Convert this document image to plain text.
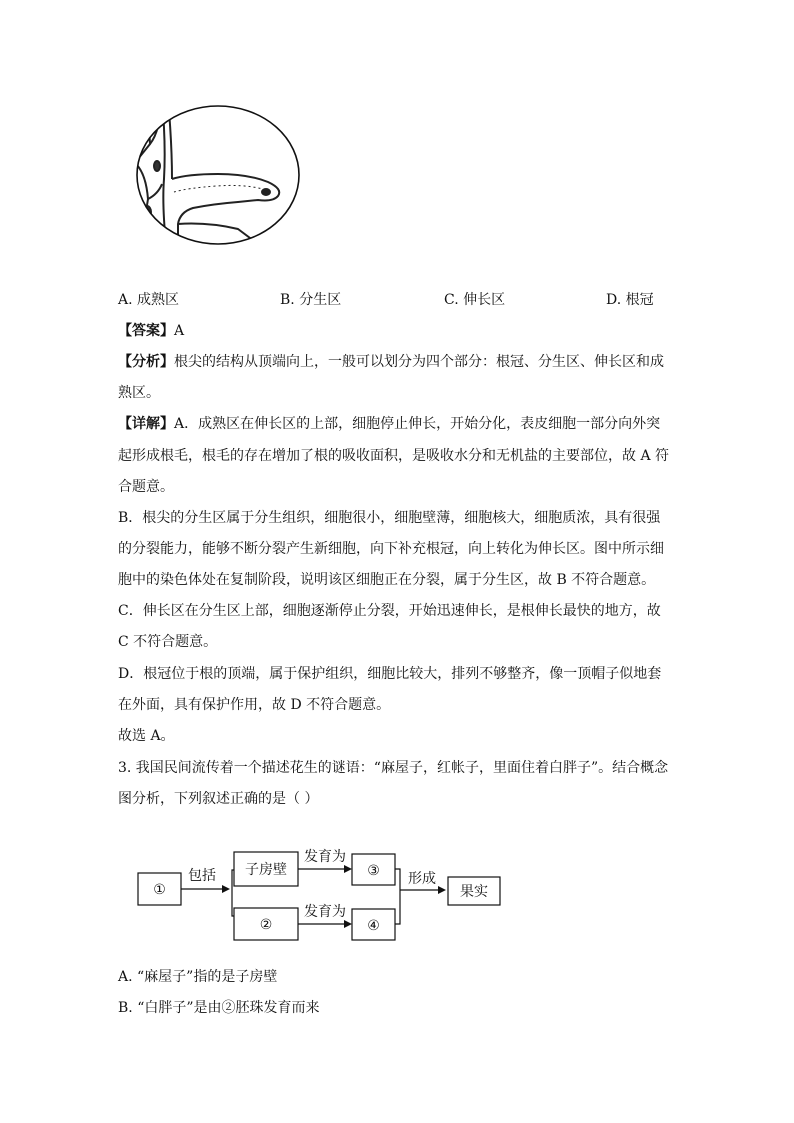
A. 成熟区	B. 分生区	C. 伸长区	D. 根冠
【答案】A
【分析】根尖的结构从顶端向上，一般可以划分为四个部分：根冠、分生区、伸长区和成
熟区。
【详解】A．成熟区在伸长区的上部，细胞停止伸长，开始分化，表皮细胞一部分向外突
起形成根毛，根毛的存在增加了根的吸收面积，是吸收水分和无机盐的主要部位，故 A 符
合题意。
B．根尖的分生区属于分生组织，细胞很小，细胞壁薄，细胞核大，细胞质浓，具有很强
的分裂能力，能够不断分裂产生新细胞，向下补充根冠，向上转化为伸长区。图中所示细
胞中的染色体处在复制阶段，说明该区细胞正在分裂，属于分生区，故 B 不符合题意。
C．伸长区在分生区上部，细胞逐渐停止分裂，开始迅速伸长，是根伸长最快的地方，故
C 不符合题意。
D．根冠位于根的顶端，属于保护组织，细胞比较大，排列不够整齐，像一顶帽子似地套
在外面，具有保护作用，故 D 不符合题意。
故选 A。
3. 我国民间流传着一个描述花生的谜语：“麻屋子，红帐子，里面住着白胖子”。结合概念
图分析，下列叙述正确的是（ ）
①
包括 子房壁
②
发育为
发育为
③
④
形成
果实
A. “麻屋子”指的是子房壁
B. “白胖子”是由②胚珠发育而来
